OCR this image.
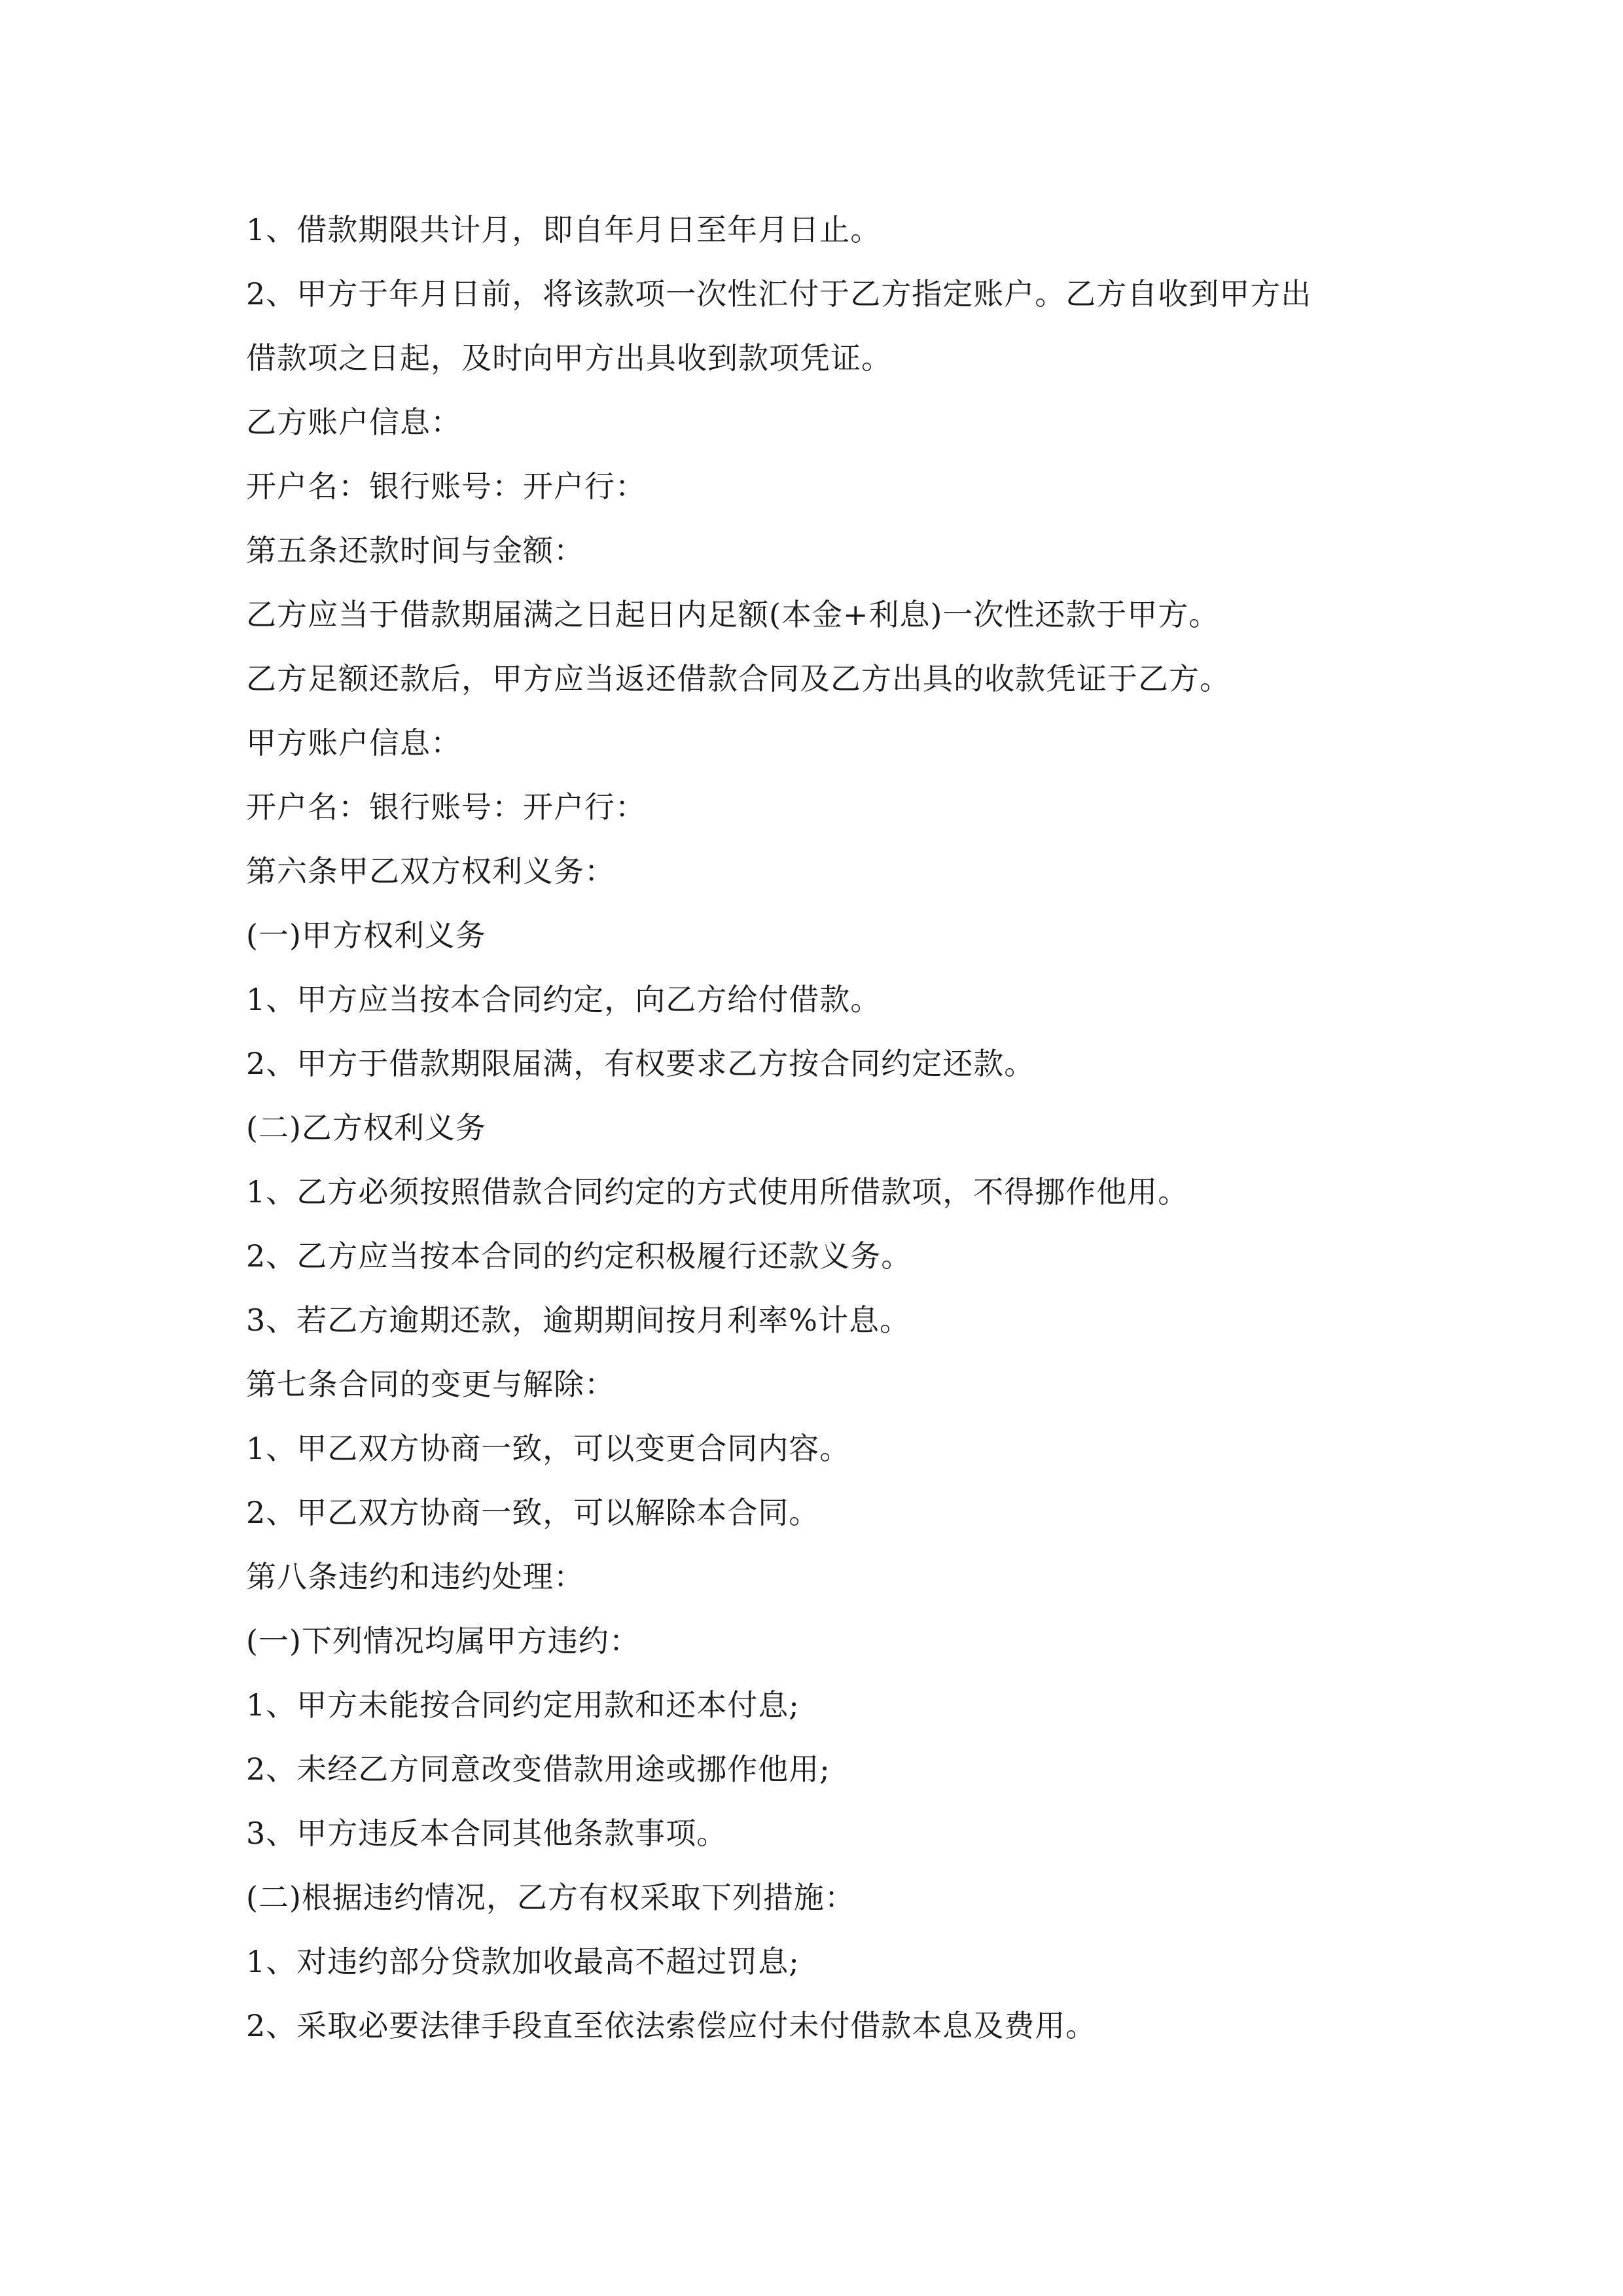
1、借款期限共计月，即自年月日至年月日止。
2、甲方于年月日前，将该款项一次性汇付于乙方指定账户。乙方自收到甲方出
借款项之日起，及时向甲方出具收到款项凭证。
乙方账户信息：
开户名：银行账号：开户行：
第五条还款时间与金额：
乙方应当于借款期届满之日起日内足额(本金+利息)一次性还款于甲方。
乙方足额还款后，甲方应当返还借款合同及乙方出具的收款凭证于乙方。
甲方账户信息：
开户名：银行账号：开户行：
第六条甲乙双方权利义务：
(一)甲方权利义务
1、甲方应当按本合同约定，向乙方给付借款。
2、甲方于借款期限届满，有权要求乙方按合同约定还款。
(二)乙方权利义务
1、乙方必须按照借款合同约定的方式使用所借款项，不得挪作他用。
2、乙方应当按本合同的约定积极履行还款义务。
3、若乙方逾期还款，逾期期间按月利率%计息。
第七条合同的变更与解除：
1、甲乙双方协商一致，可以变更合同内容。
2、甲乙双方协商一致，可以解除本合同。
第八条违约和违约处理：
(一)下列情况均属甲方违约：
1、甲方未能按合同约定用款和还本付息;
2、未经乙方同意改变借款用途或挪作他用;
3、甲方违反本合同其他条款事项。
(二)根据违约情况，乙方有权采取下列措施：
1、对违约部分贷款加收最高不超过罚息;
2、采取必要法律手段直至依法索偿应付未付借款本息及费用。
